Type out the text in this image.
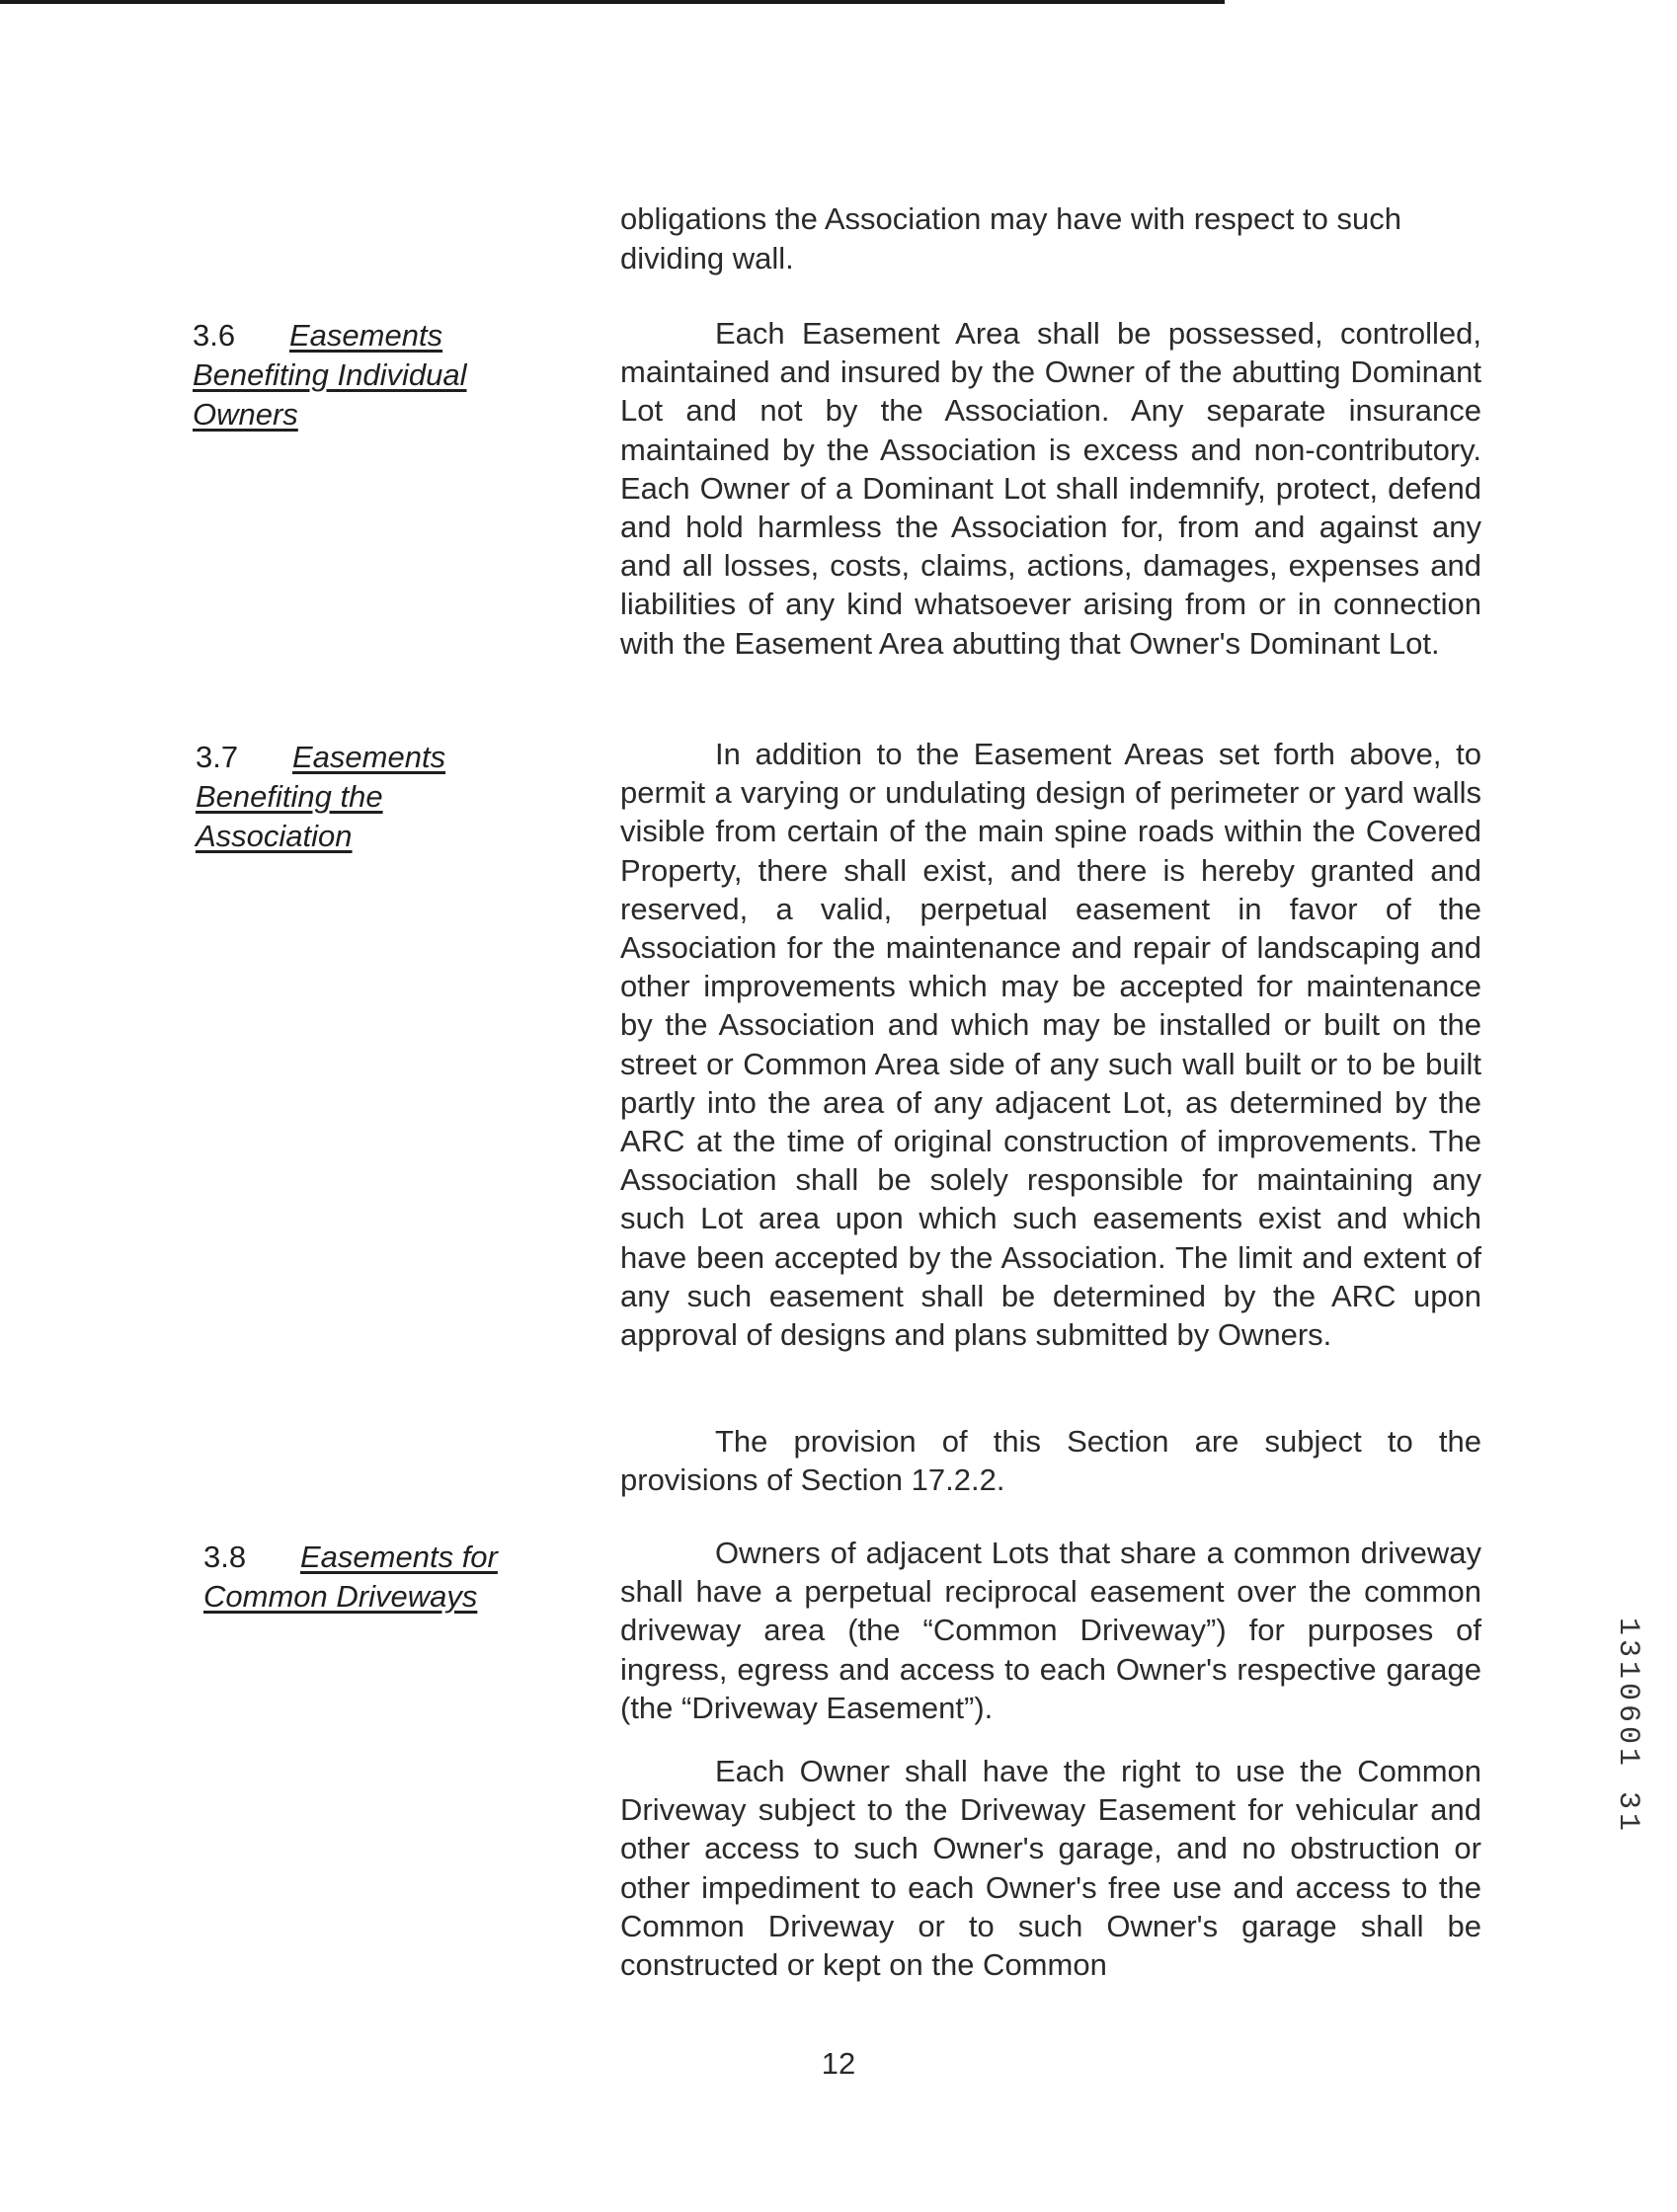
obligations the Association may have with respect to such dividing wall.

3.6 Easements Benefiting Individual Owners

Each Easement Area shall be possessed, controlled, maintained and insured by the Owner of the abutting Dominant Lot and not by the Association. Any separate insurance maintained by the Association is excess and non-contributory. Each Owner of a Dominant Lot shall indemnify, protect, defend and hold harmless the Association for, from and against any and all losses, costs, claims, actions, damages, expenses and liabilities of any kind whatsoever arising from or in connection with the Easement Area abutting that Owner's Dominant Lot.

3.7 Easements Benefiting the Association

In addition to the Easement Areas set forth above, to permit a varying or undulating design of perimeter or yard walls visible from certain of the main spine roads within the Covered Property, there shall exist, and there is hereby granted and reserved, a valid, perpetual easement in favor of the Association for the maintenance and repair of landscaping and other improvements which may be accepted for maintenance by the Association and which may be installed or built on the street or Common Area side of any such wall built or to be built partly into the area of any adjacent Lot, as determined by the ARC at the time of original construction of improvements. The Association shall be solely responsible for maintaining any such Lot area upon which such easements exist and which have been accepted by the Association. The limit and extent of any such easement shall be determined by the ARC upon approval of designs and plans submitted by Owners.

The provision of this Section are subject to the provisions of Section 17.2.2.

3.8 Easements for Common Driveways

Owners of adjacent Lots that share a common driveway shall have a perpetual reciprocal easement over the common driveway area (the “Common Driveway”) for purposes of ingress, egress and access to each Owner's respective garage (the “Driveway Easement”).

Each Owner shall have the right to use the Common Driveway subject to the Driveway Easement for vehicular and other access to such Owner's garage, and no obstruction or other impediment to each Owner's free use and access to the Common Driveway or to such Owner's garage shall be constructed or kept on the Common

12
1310601 31
